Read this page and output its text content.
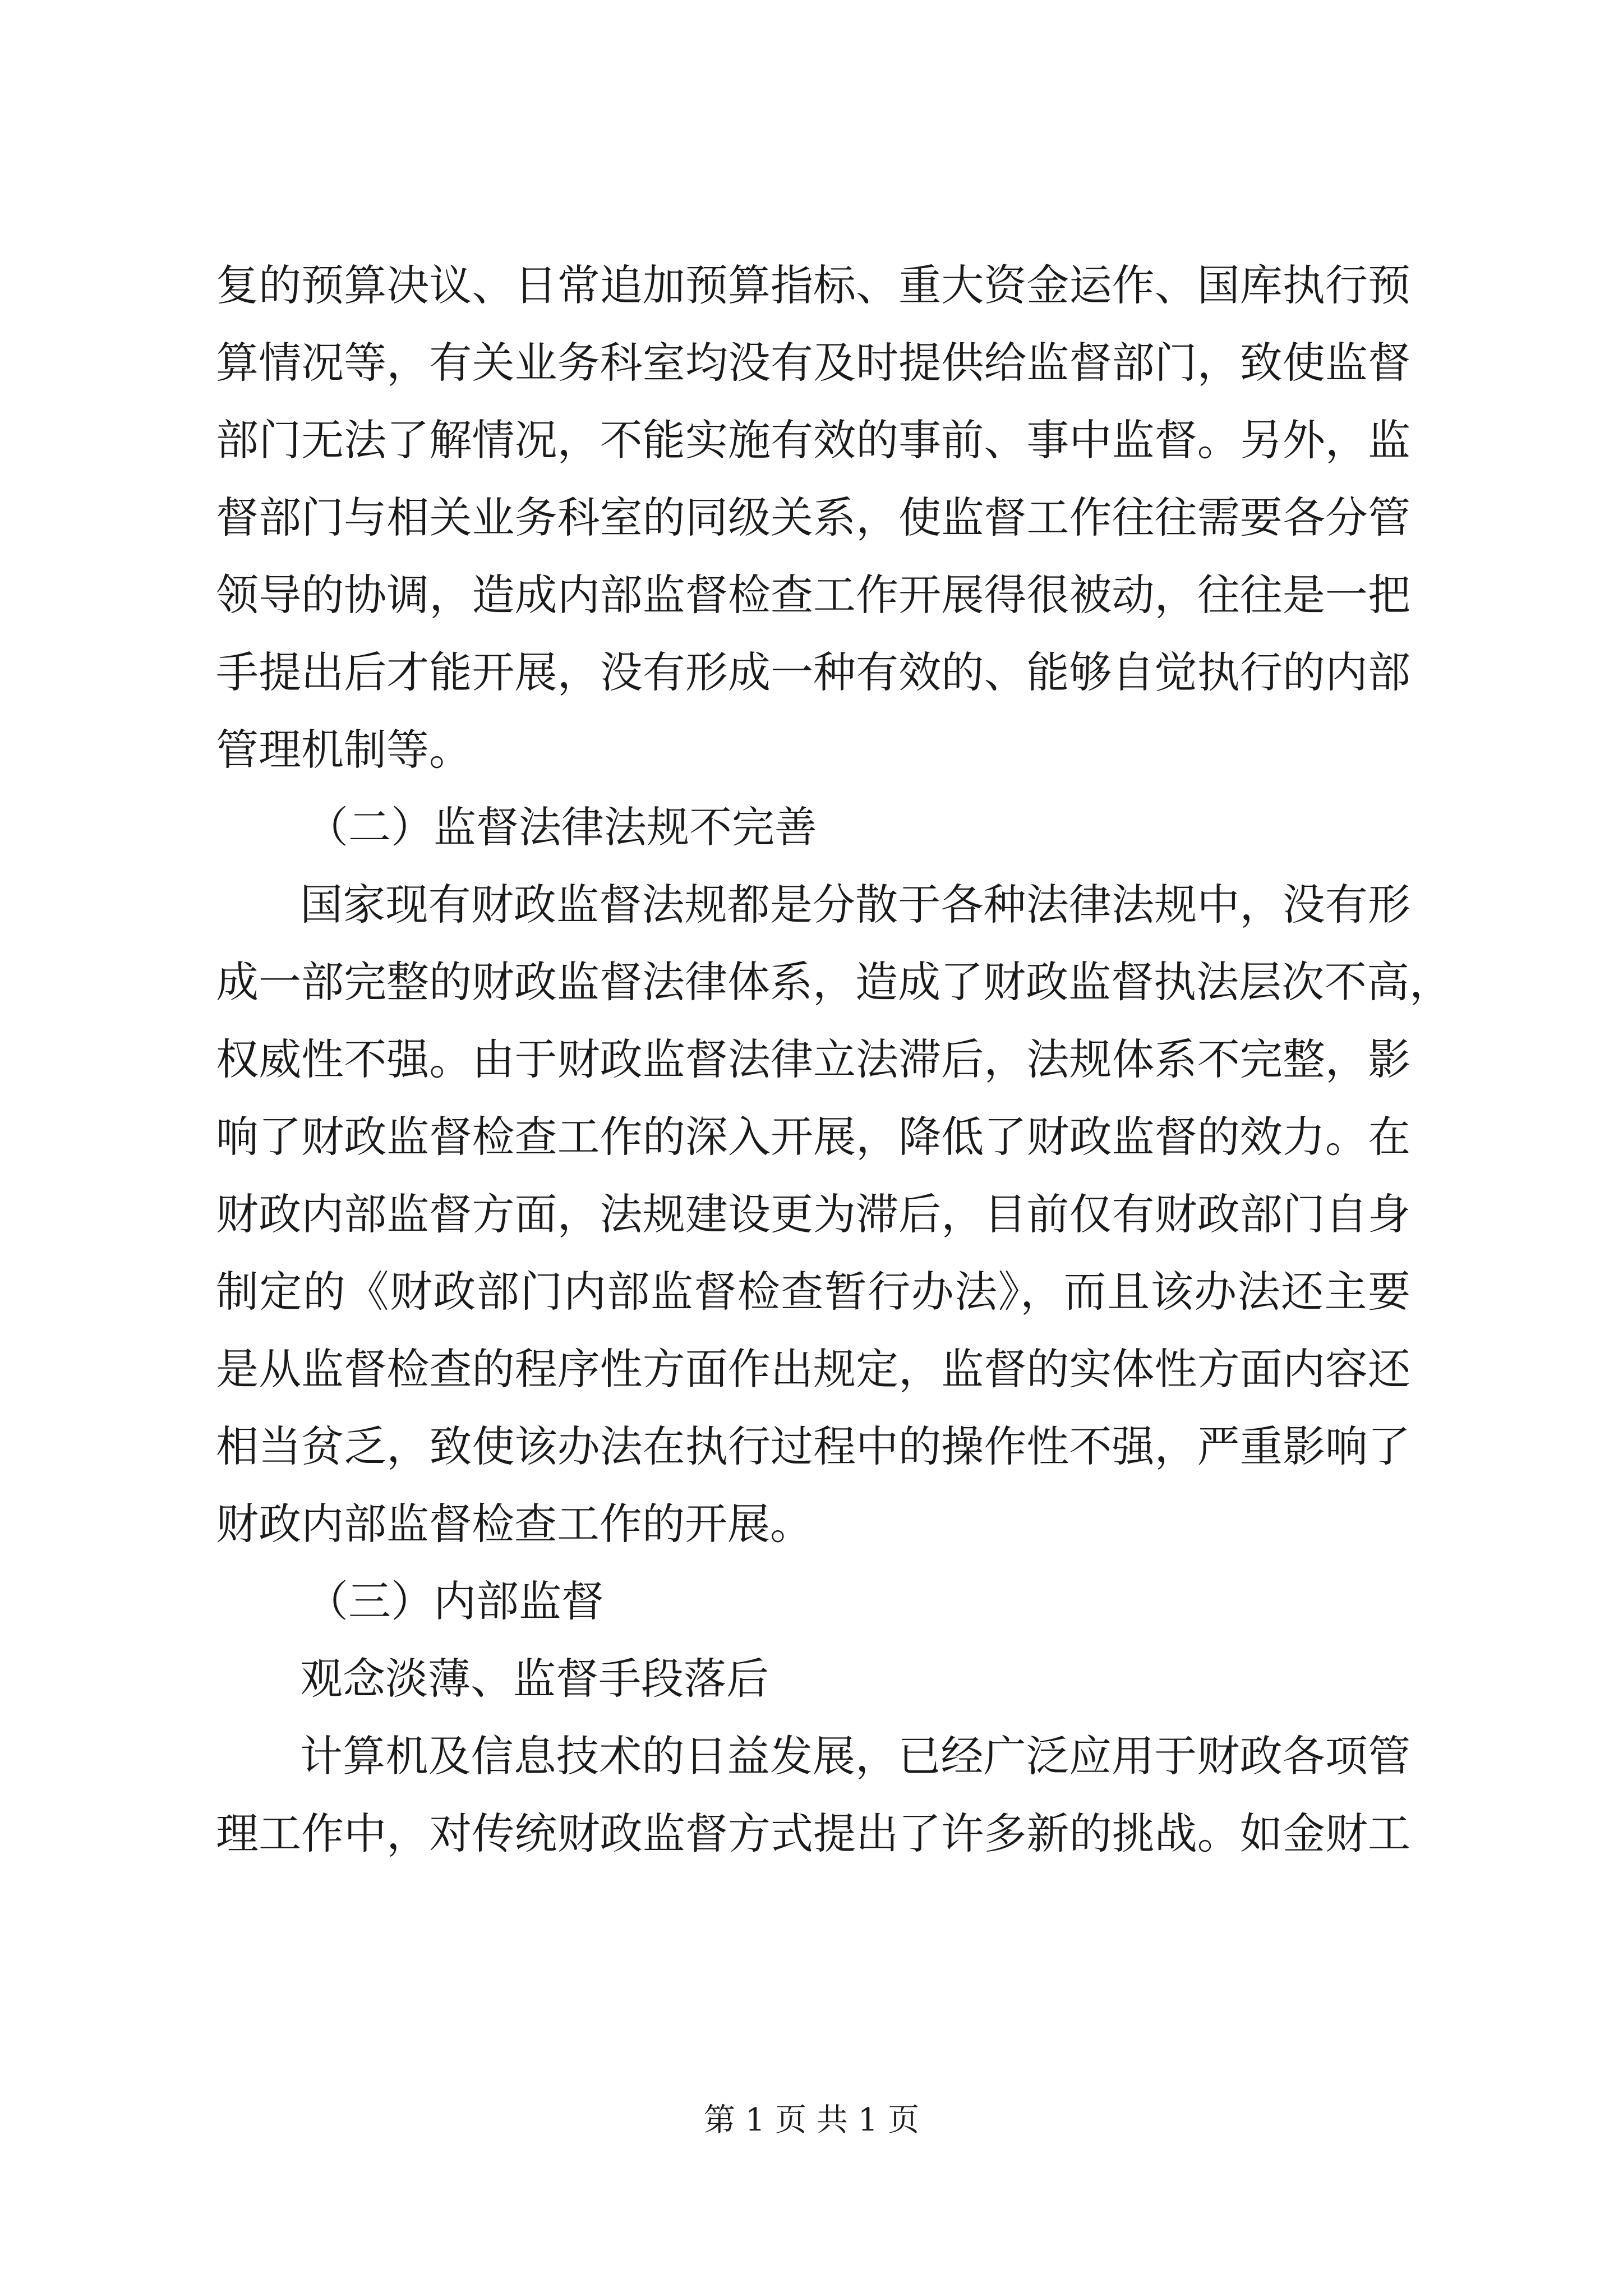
复的预算决议、日常追加预算指标、重大资金运作、国库执行预
算情况等，有关业务科室均没有及时提供给监督部门，致使监督
部门无法了解情况，不能实施有效的事前、事中监督。另外，监
督部门与相关业务科室的同级关系，使监督工作往往需要各分管
领导的协调，造成内部监督检查工作开展得很被动，往往是一把
手提出后才能开展，没有形成一种有效的、能够自觉执行的内部
管理机制等。
（二）监督法律法规不完善
国家现有财政监督法规都是分散于各种法律法规中，没有形
成一部完整的财政监督法律体系，造成了财政监督执法层次不高，
权威性不强。由于财政监督法律立法滞后，法规体系不完整，影
响了财政监督检查工作的深入开展，降低了财政监督的效力。在
财政内部监督方面，法规建设更为滞后，目前仅有财政部门自身
制定的《财政部门内部监督检查暂行办法》，而且该办法还主要
是从监督检查的程序性方面作出规定，监督的实体性方面内容还
相当贫乏，致使该办法在执行过程中的操作性不强，严重影响了
财政内部监督检查工作的开展。
（三）内部监督
观念淡薄、监督手段落后
计算机及信息技术的日益发展，已经广泛应用于财政各项管
理工作中，对传统财政监督方式提出了许多新的挑战。如金财工
第 1 页 共 1 页
